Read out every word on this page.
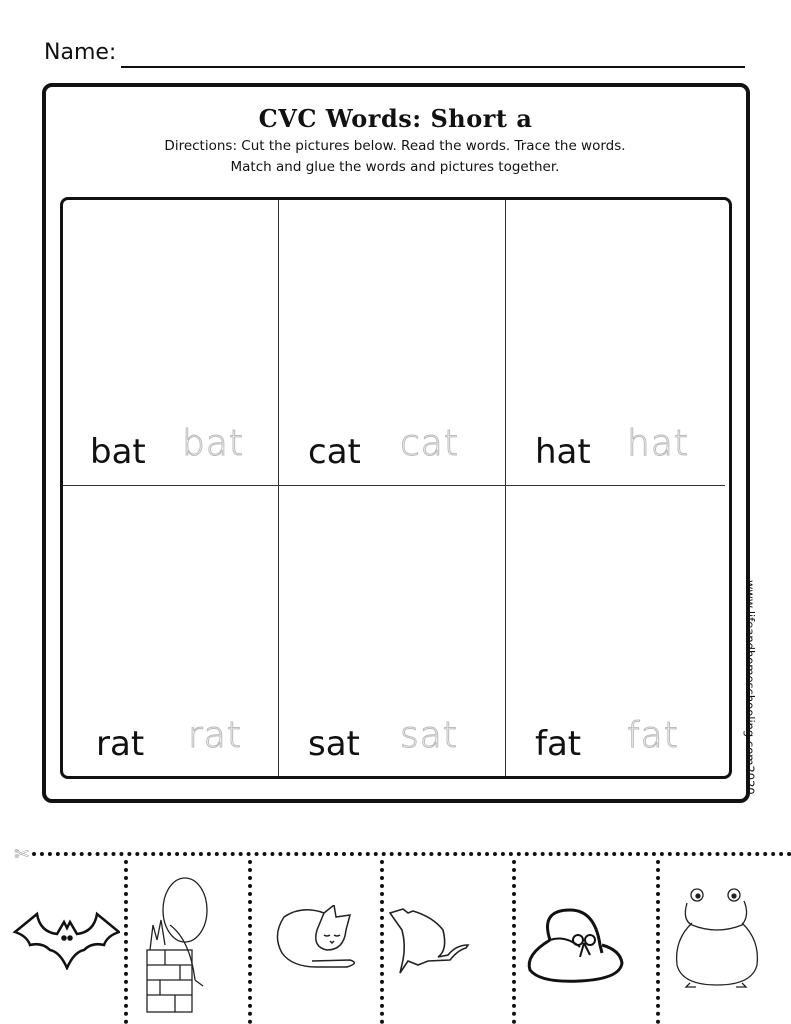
Name:
CVC Words: Short a
Directions: Cut the pictures below. Read the words. Trace the words. Match and glue the words and pictures together.
bat bat cat cat hat hat
rat rat sat sat fat fat	www.lifeandhomeschooling.com2020
✄
